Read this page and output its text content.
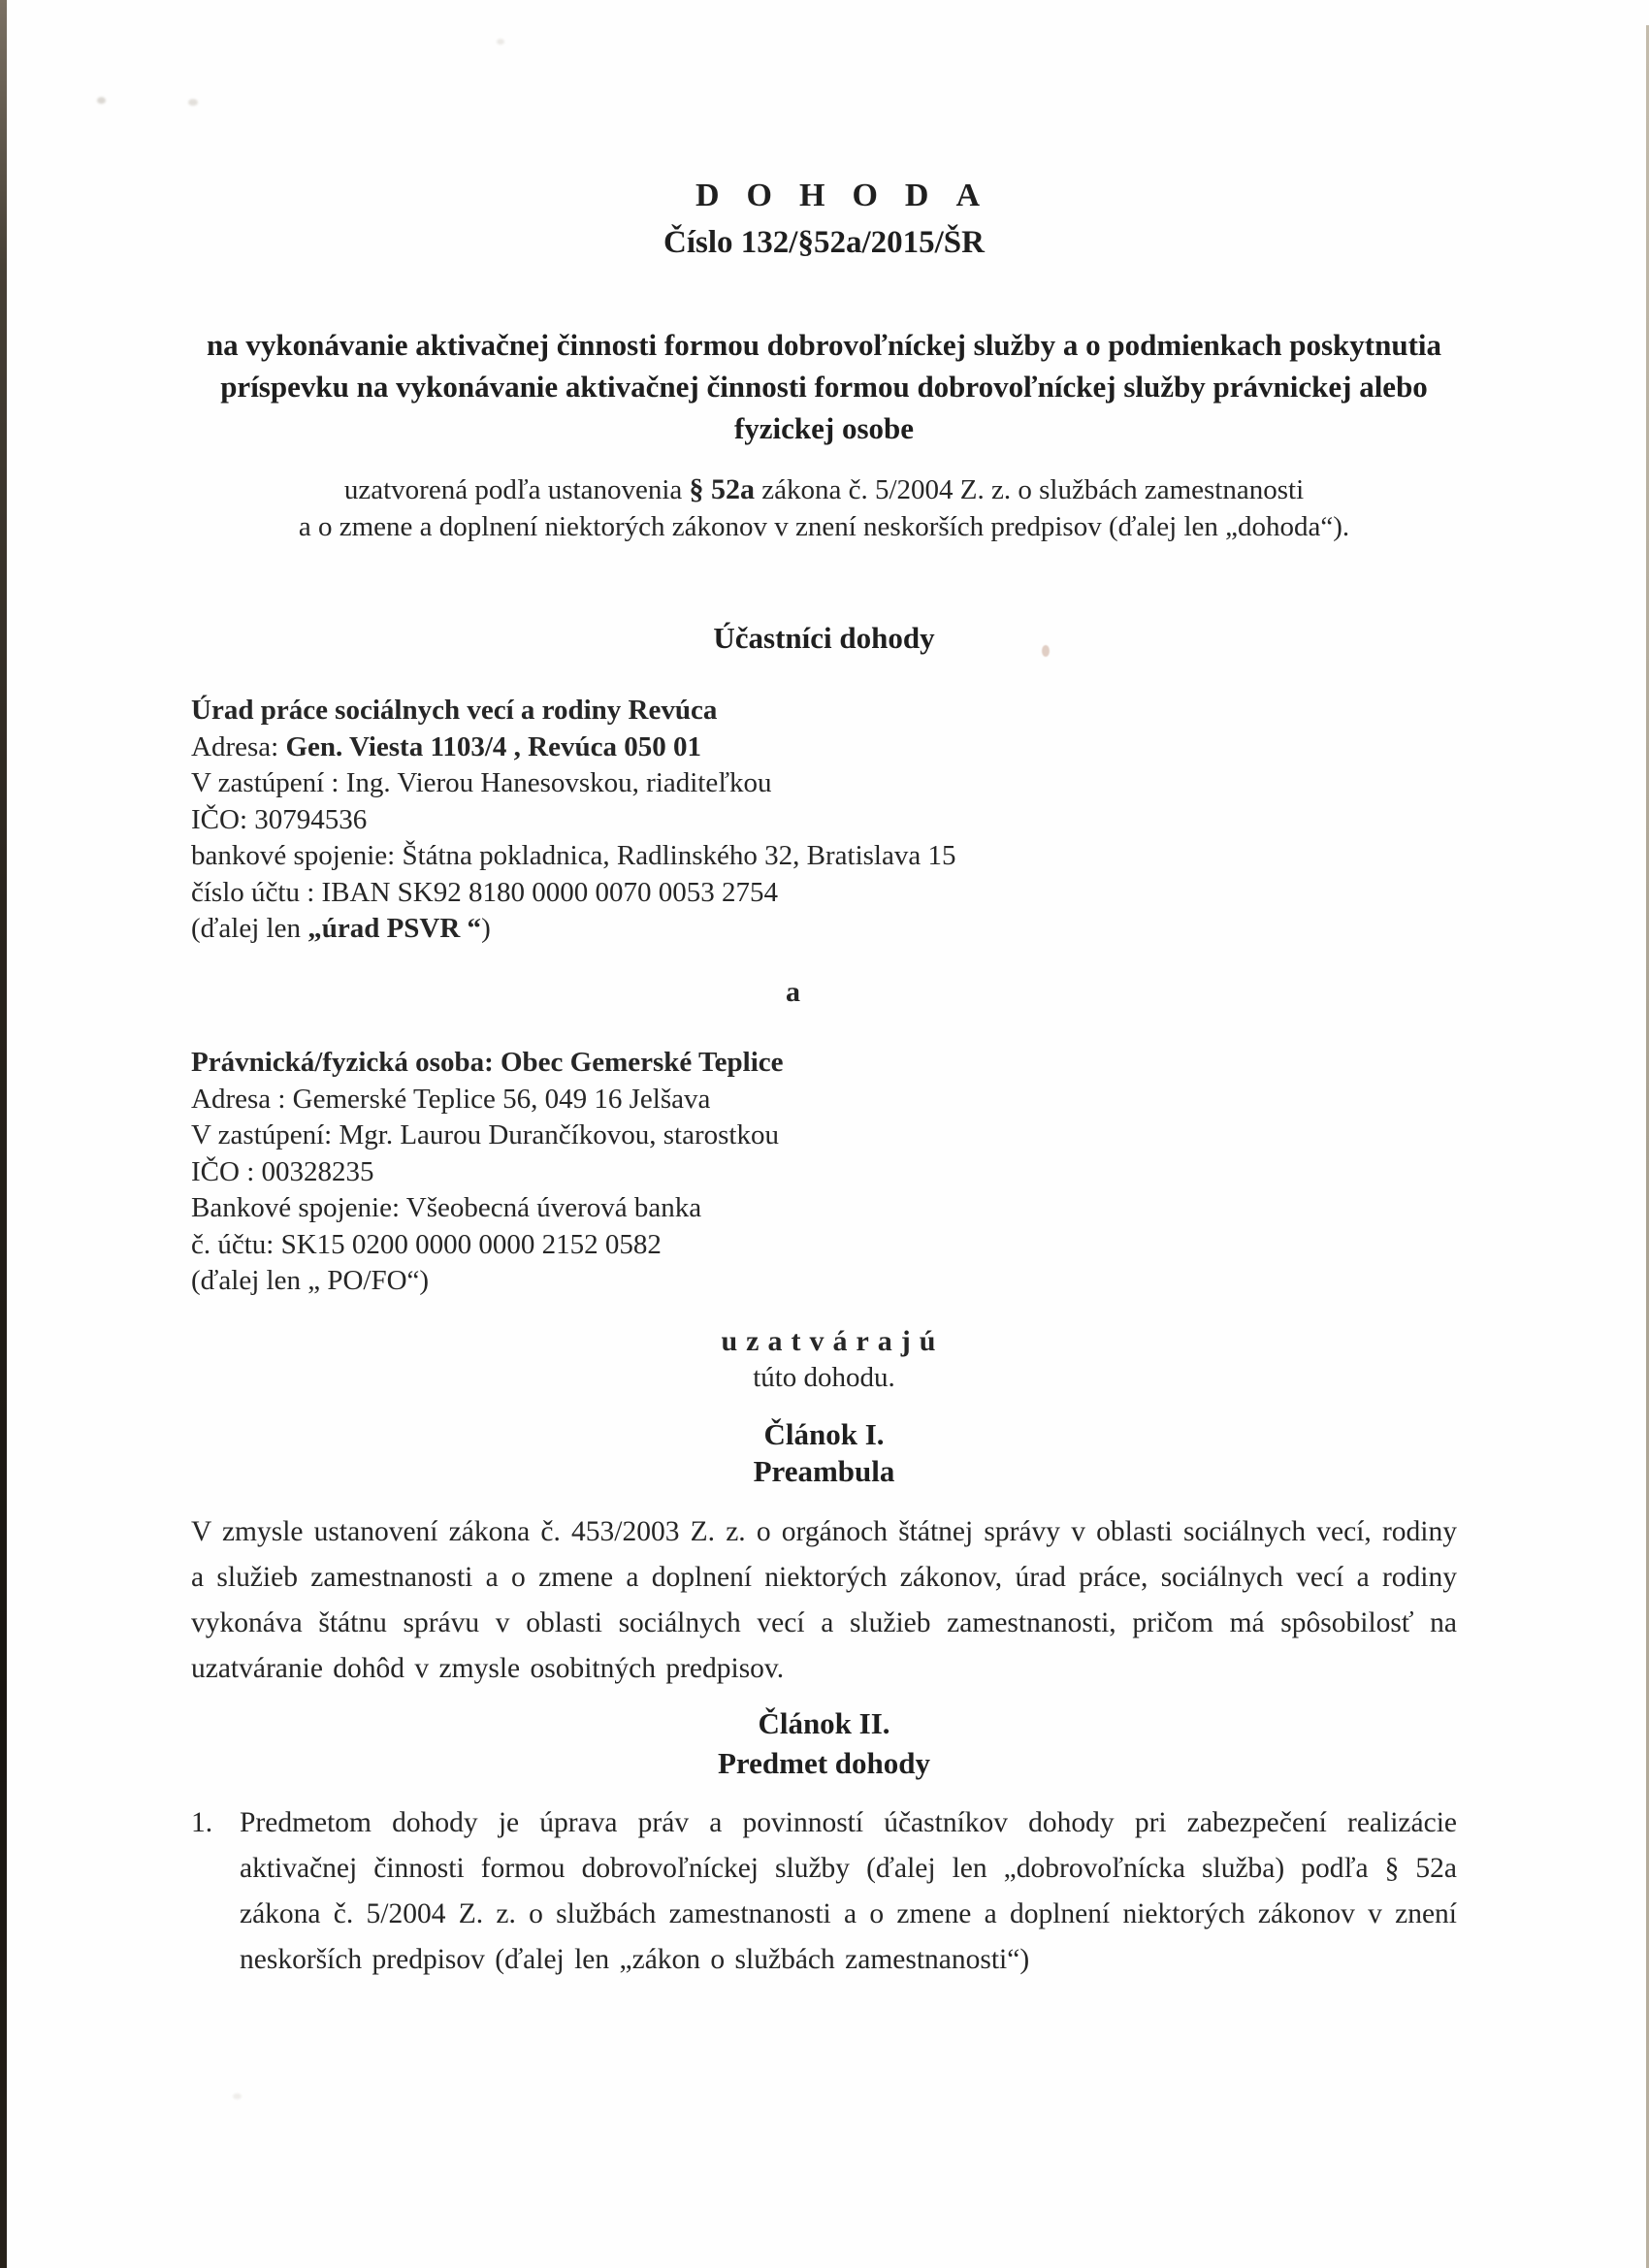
DOHODA
Číslo 132/§52a/2015/ŠR
na vykonávanie aktivačnej činnosti formou dobrovoľníckej služby a o podmienkach poskytnutia príspevku na vykonávanie aktivačnej činnosti formou dobrovoľníckej služby právnickej alebo fyzickej osobe
uzatvorená podľa ustanovenia § 52a zákona č. 5/2004 Z. z. o službách zamestnanosti
a o zmene a doplnení niektorých zákonov v znení neskorších predpisov (ďalej len „dohoda“).
Účastníci dohody
Úrad práce sociálnych vecí a rodiny Revúca
Adresa: Gen. Viesta 1103/4 , Revúca 050 01
V zastúpení : Ing. Vierou Hanesovskou, riaditeľkou
IČO: 30794536
bankové spojenie: Štátna pokladnica, Radlinského 32, Bratislava 15
číslo účtu : IBAN SK92 8180 0000 0070 0053 2754
(ďalej len „úrad PSVR “)
a
Právnická/fyzická osoba: Obec Gemerské Teplice
Adresa : Gemerské Teplice 56, 049 16 Jelšava
V zastúpení: Mgr. Laurou Durančíkovou, starostkou
IČO : 00328235
Bankové spojenie: Všeobecná úverová banka
č. účtu: SK15 0200 0000 0000 2152 0582
(ďalej len „ PO/FO“)
uzatvárajú
túto dohodu.
Článok I.
Preambula
V zmysle ustanovení zákona č. 453/2003 Z. z. o orgánoch štátnej správy v oblasti sociálnych vecí, rodiny a služieb zamestnanosti a o zmene a doplnení niektorých zákonov, úrad práce, sociálnych vecí a rodiny vykonáva štátnu správu v oblasti sociálnych vecí a služieb zamestnanosti, pričom má spôsobilosť na uzatváranie dohôd v zmysle osobitných predpisov.
Článok II.
Predmet dohody
1. Predmetom dohody je úprava práv a povinností účastníkov dohody pri zabezpečení realizácie aktivačnej činnosti formou dobrovoľníckej služby (ďalej len „dobrovoľnícka služba) podľa § 52a zákona č. 5/2004 Z. z. o službách zamestnanosti a o zmene a doplnení niektorých zákonov v znení neskorších predpisov (ďalej len „zákon o službách zamestnanosti“)
